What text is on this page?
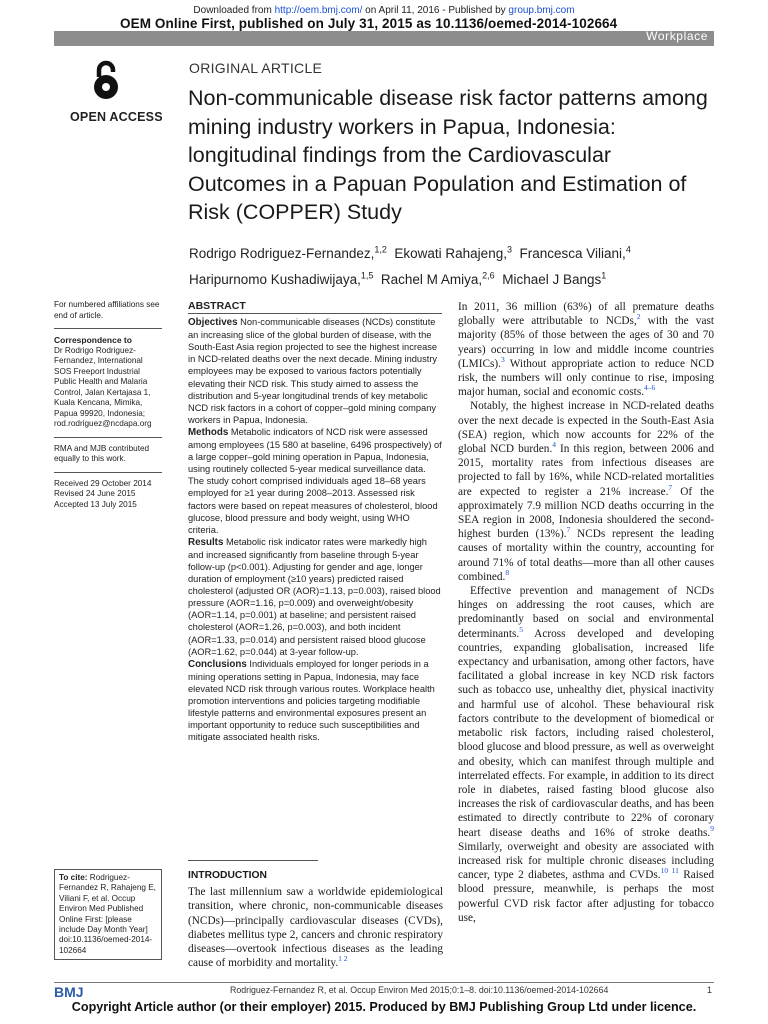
Downloaded from http://oem.bmj.com/ on April 11, 2016 - Published by group.bmj.com
OEM Online First, published on July 31, 2015 as 10.1136/oemed-2014-102664
Workplace
OPEN ACCESS
ORIGINAL ARTICLE
Non-communicable disease risk factor patterns among mining industry workers in Papua, Indonesia: longitudinal findings from the Cardiovascular Outcomes in a Papuan Population and Estimation of Risk (COPPER) Study
Rodrigo Rodriguez-Fernandez,$^{1,2}$ Ekowati Rahajeng,$^3$ Francesca Viliani,$^4$
Haripurnomo Kushadiwijaya,$^{1,5}$ Rachel M Amiya,$^{2,6}$ Michael J Bangs$^1$
For numbered affiliations see end of article.
Correspondence to
Dr Rodrigo Rodriguez-Fernandez, International SOS Freeport Industrial Public Health and Malaria Control, Jalan Kertajasa 1, Kuala Kencana, Mimika, Papua 99920, Indonesia; rod.rodriguez@ncdapa.org
RMA and MJB contributed equally to this work.
Received 29 October 2014
Revised 24 June 2015
Accepted 13 July 2015
To cite: Rodriguez-Fernandez R, Rahajeng E, Viliani F, et al. Occup Environ Med Published Online First: [please include Day Month Year] doi:10.1136/oemed-2014-102664
ABSTRACT

Objectives Non-communicable diseases (NCDs) constitute an increasing slice of the global burden of disease, with the South-East Asia region projected to see the highest increase in NCD-related deaths over the next decade. Mining industry employees may be exposed to various factors potentially elevating their NCD risk. This study aimed to assess the distribution and 5-year longitudinal trends of key metabolic NCD risk factors in a cohort of copper–gold mining company workers in Papua, Indonesia.

Methods Metabolic indicators of NCD risk were assessed among employees (15 580 at baseline, 6496 prospectively) of a large copper–gold mining operation in Papua, Indonesia, using routinely collected 5-year medical surveillance data. The study cohort comprised individuals aged 18–68 years employed for ≥1 year during 2008–2013. Assessed risk factors were based on repeat measures of cholesterol, blood glucose, blood pressure and body weight, using WHO criteria.

Results Metabolic risk indicator rates were markedly high and increased significantly from baseline through 5-year follow-up (p<0.001). Adjusting for gender and age, longer duration of employment (≥10 years) predicted raised cholesterol (adjusted OR (AOR)=1.13, p=0.003), raised blood pressure (AOR=1.16, p=0.009) and overweight/obesity (AOR=1.14, p=0.001) at baseline; and persistent raised cholesterol (AOR=1.26, p=0.003), and both incident (AOR=1.33, p=0.014) and persistent raised blood glucose (AOR=1.62, p=0.044) at 3-year follow-up.

Conclusions Individuals employed for longer periods in a mining operations setting in Papua, Indonesia, may face elevated NCD risk through various routes. Workplace health promotion interventions and policies targeting modifiable lifestyle patterns and environmental exposures present an important opportunity to reduce such susceptibilities and mitigate associated health risks.

INTRODUCTION

The last millennium saw a worldwide epidemiological transition, where chronic, non-communicable diseases (NCDs)—principally cardiovascular diseases (CVDs), diabetes mellitus type 2, cancers and chronic respiratory diseases—overtook infectious diseases as the leading cause of morbidity and mortality.$^{1 2}$

In 2011, 36 million (63%) of all premature deaths globally were attributable to NCDs,$^2$ with the vast majority (85% of those between the ages of 30 and 70 years) occurring in low and middle income countries (LMICs).$^3$ Without appropriate action to reduce NCD risk, the numbers will only continue to rise, imposing major human, social and economic costs.$^{4-6}$

Notably, the highest increase in NCD-related deaths over the next decade is expected in the South-East Asia (SEA) region, which now accounts for 22% of the global NCD burden.$^4$ In this region, between 2006 and 2015, mortality rates from infectious diseases are projected to fall by 16%, while NCD-related mortalities are expected to register a 21% increase.$^7$ Of the approximately 7.9 million NCD deaths occurring in the SEA region in 2008, Indonesia shouldered the second-highest burden (13%).$^7$ NCDs represent the leading causes of mortality within the country, accounting for around 71% of total deaths—more than all other causes combined.$^8$

Effective prevention and management of NCDs hinges on addressing the root causes, which are predominantly based on social and environmental determinants.$^5$ Across developed and developing countries, expanding globalisation, increased life expectancy and urbanisation, among other factors, have facilitated a global increase in key NCD risk factors such as tobacco use, unhealthy diet, physical inactivity and harmful use of alcohol. These behavioural risk factors contribute to the development of biomedical or metabolic risk factors, including raised cholesterol, blood glucose and blood pressure, as well as overweight and obesity, which can manifest through multiple and interrelated effects. For example, in addition to its direct role in diabetes, raised fasting blood glucose also increases the risk of cardiovascular deaths, and has been estimated to directly contribute to 22% of coronary heart disease deaths and 16% of stroke deaths.$^9$ Similarly, overweight and obesity are associated with increased risk for multiple chronic diseases including cancer, type 2 diabetes, asthma and CVDs.$^{10 11}$ Raised blood pressure, meanwhile, is perhaps the most powerful CVD risk factor after adjusting for tobacco use,

BMJ	Rodriguez-Fernandez R, et al. Occup Environ Med 2015;0:1–8. doi:10.1136/oemed-2014-102664	1
Copyright Article author (or their employer) 2015. Produced by BMJ Publishing Group Ltd under licence.
